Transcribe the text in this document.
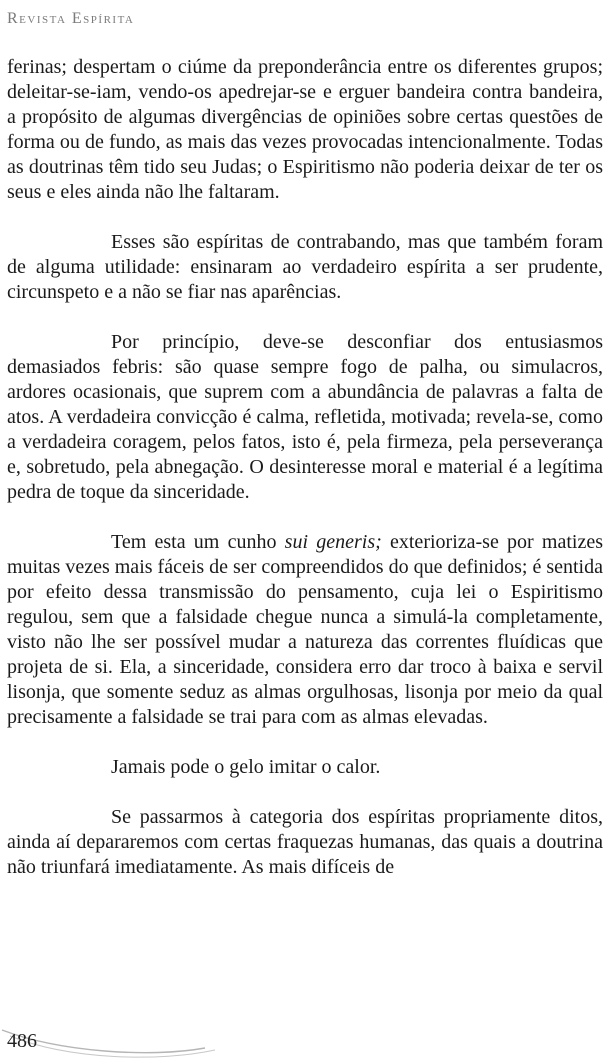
Revista Espírita

ferinas; despertam o ciúme da preponderância entre os diferentes grupos; deleitar-se-iam, vendo-os apedrejar-se e erguer bandeira contra bandeira, a propósito de algumas divergências de opiniões sobre certas questões de forma ou de fundo, as mais das vezes provocadas intencionalmente. Todas as doutrinas têm tido seu Judas; o Espiritismo não poderia deixar de ter os seus e eles ainda não lhe faltaram.

Esses são espíritas de contrabando, mas que também foram de alguma utilidade: ensinaram ao verdadeiro espírita a ser prudente, circunspeto e a não se fiar nas aparências.

Por princípio, deve-se desconfiar dos entusiasmos demasiados febris: são quase sempre fogo de palha, ou simulacros, ardores ocasionais, que suprem com a abundância de palavras a falta de atos. A verdadeira convicção é calma, refletida, motivada; revela-se, como a verdadeira coragem, pelos fatos, isto é, pela firmeza, pela perseverança e, sobretudo, pela abnegação. O desinteresse moral e material é a legítima pedra de toque da sinceridade.

Tem esta um cunho sui generis; exterioriza-se por matizes muitas vezes mais fáceis de ser compreendidos do que definidos; é sentida por efeito dessa transmissão do pensamento, cuja lei o Espiritismo regulou, sem que a falsidade chegue nunca a simulá-la completamente, visto não lhe ser possível mudar a natureza das correntes fluídicas que projeta de si. Ela, a sinceridade, considera erro dar troco à baixa e servil lisonja, que somente seduz as almas orgulhosas, lisonja por meio da qual precisamente a falsidade se trai para com as almas elevadas.

Jamais pode o gelo imitar o calor.

Se passarmos à categoria dos espíritas propriamente ditos, ainda aí depararemos com certas fraquezas humanas, das quais a doutrina não triunfará imediatamente. As mais difíceis de

486
